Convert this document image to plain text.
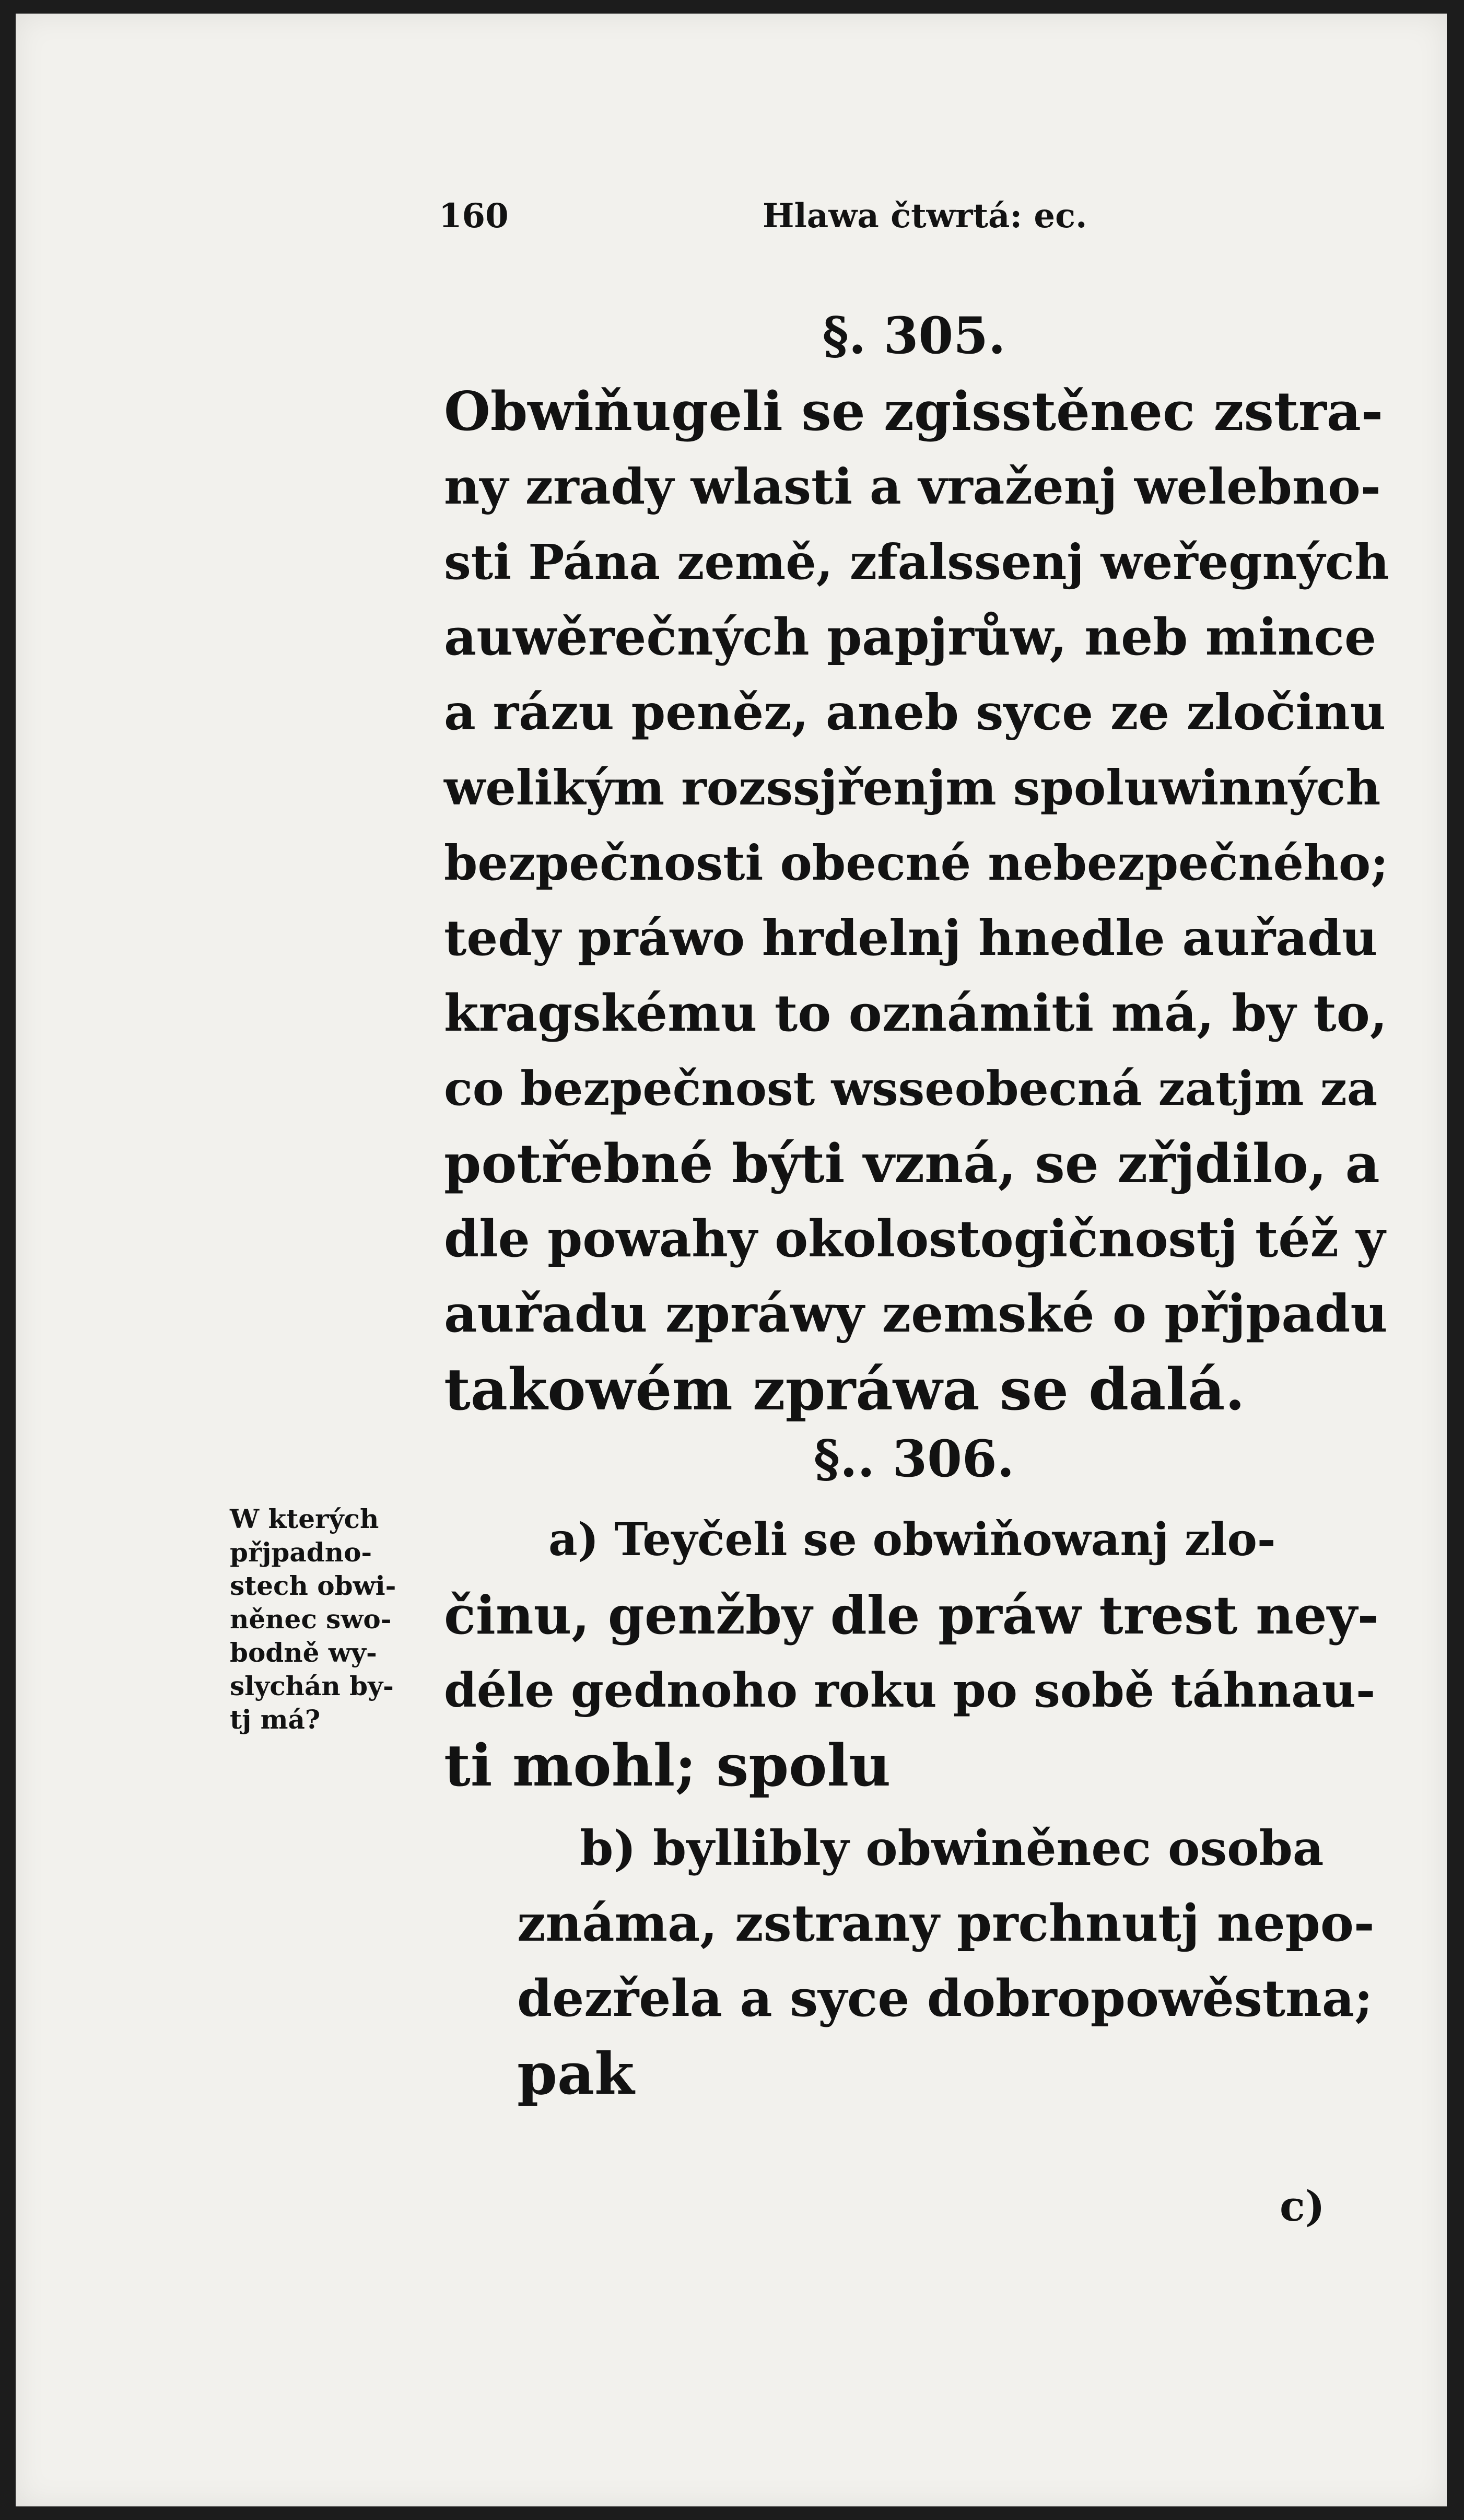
160	Hlawa čtwrtá: ec.
§. 305.
Obwiňugeli se zgisstěnec zstra-
ny zrady wlasti a vraženj welebno-
sti Pána země, zfalssenj weřegných
auwěrečných papjrůw, neb mince
a rázu peněz, aneb syce ze zločinu
welikým rozssjřenjm spoluwinných
bezpečnosti obecné nebezpečného;
tedy práwo hrdelnj hnedle auřadu
kragskému to oznámiti má, by to,
co bezpečnost wsseobecná zatjm za
potřebné býti vzná, se zřjdilo, a
dle powahy okolostogičnostj též y
auřadu zpráwy zemské o přjpadu
takowém zpráwa se dalá.
§.. 306.
W kterých
přjpadno-
stech obwi-
něnec swo-
bodně wy-
slychán by-
tj má?
a) Teyčeli se obwiňowanj zlo-
činu, genžby dle práw trest ney-
déle gednoho roku po sobě táhnau-
ti mohl; spolu
b) byllibly obwiněnec osoba
známa, zstrany prchnutj nepo-
dezřela a syce dobropowěstna;
pak
c)
